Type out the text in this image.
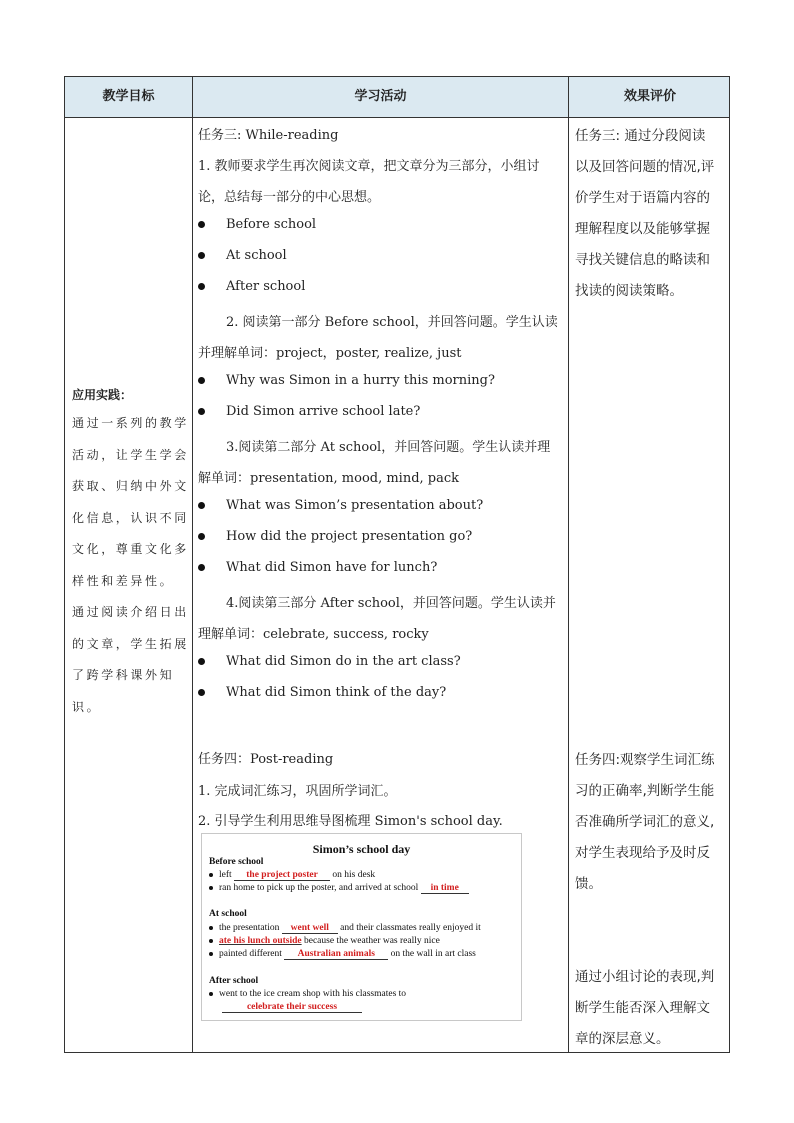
教学目标	学习活动	效果评价
应用实践：
通过一系列的教学
活动，让学生学会
获取、归纳中外文
化信息，认识不同
文化，尊重文化多
样性和差异性。
通过阅读介绍日出
的文章，学生拓展
了跨学科课外知
识。
任务三: While-reading
1. 教师要求学生再次阅读文章，把文章分为三部分，小组讨
论，总结每一部分的中心思想。
Before school
At school
After school
2. 阅读第一部分 Before school，并回答问题。学生认读
并理解单词：project，poster, realize, just
Why was Simon in a hurry this morning?
Did Simon arrive school late?
3.阅读第二部分 At school，并回答问题。学生认读并理
解单词：presentation, mood, mind, pack
What was Simon’s presentation about?
How did the project presentation go?
What did Simon have for lunch?
4.阅读第三部分 After school，并回答问题。学生认读并
理解单词：celebrate, success, rocky
What did Simon do in the art class?
What did Simon think of the day?
任务四：Post-reading
1. 完成词汇练习，巩固所学词汇。
2. 引导学生利用思维导图梳理 Simon's school day.
Simon’s school day
Before school
left the project poster on his desk
ran home to pick up the poster, and arrived at school in time
At school
the presentation went well and their classmates really enjoyed it
ate his lunch outside because the weather was really nice
painted different Australian animals on the wall in art class
After school
went to the ice cream shop with his classmates to
celebrate their success
任务三: 通过分段阅读
以及回答问题的情况,评
价学生对于语篇内容的
理解程度以及能够掌握
寻找关键信息的略读和
找读的阅读策略。
任务四:观察学生词汇练
习的正确率,判断学生能
否准确所学词汇的意义,
对学生表现给予及时反
馈。
通过小组讨论的表现,判
断学生能否深入理解文
章的深层意义。
